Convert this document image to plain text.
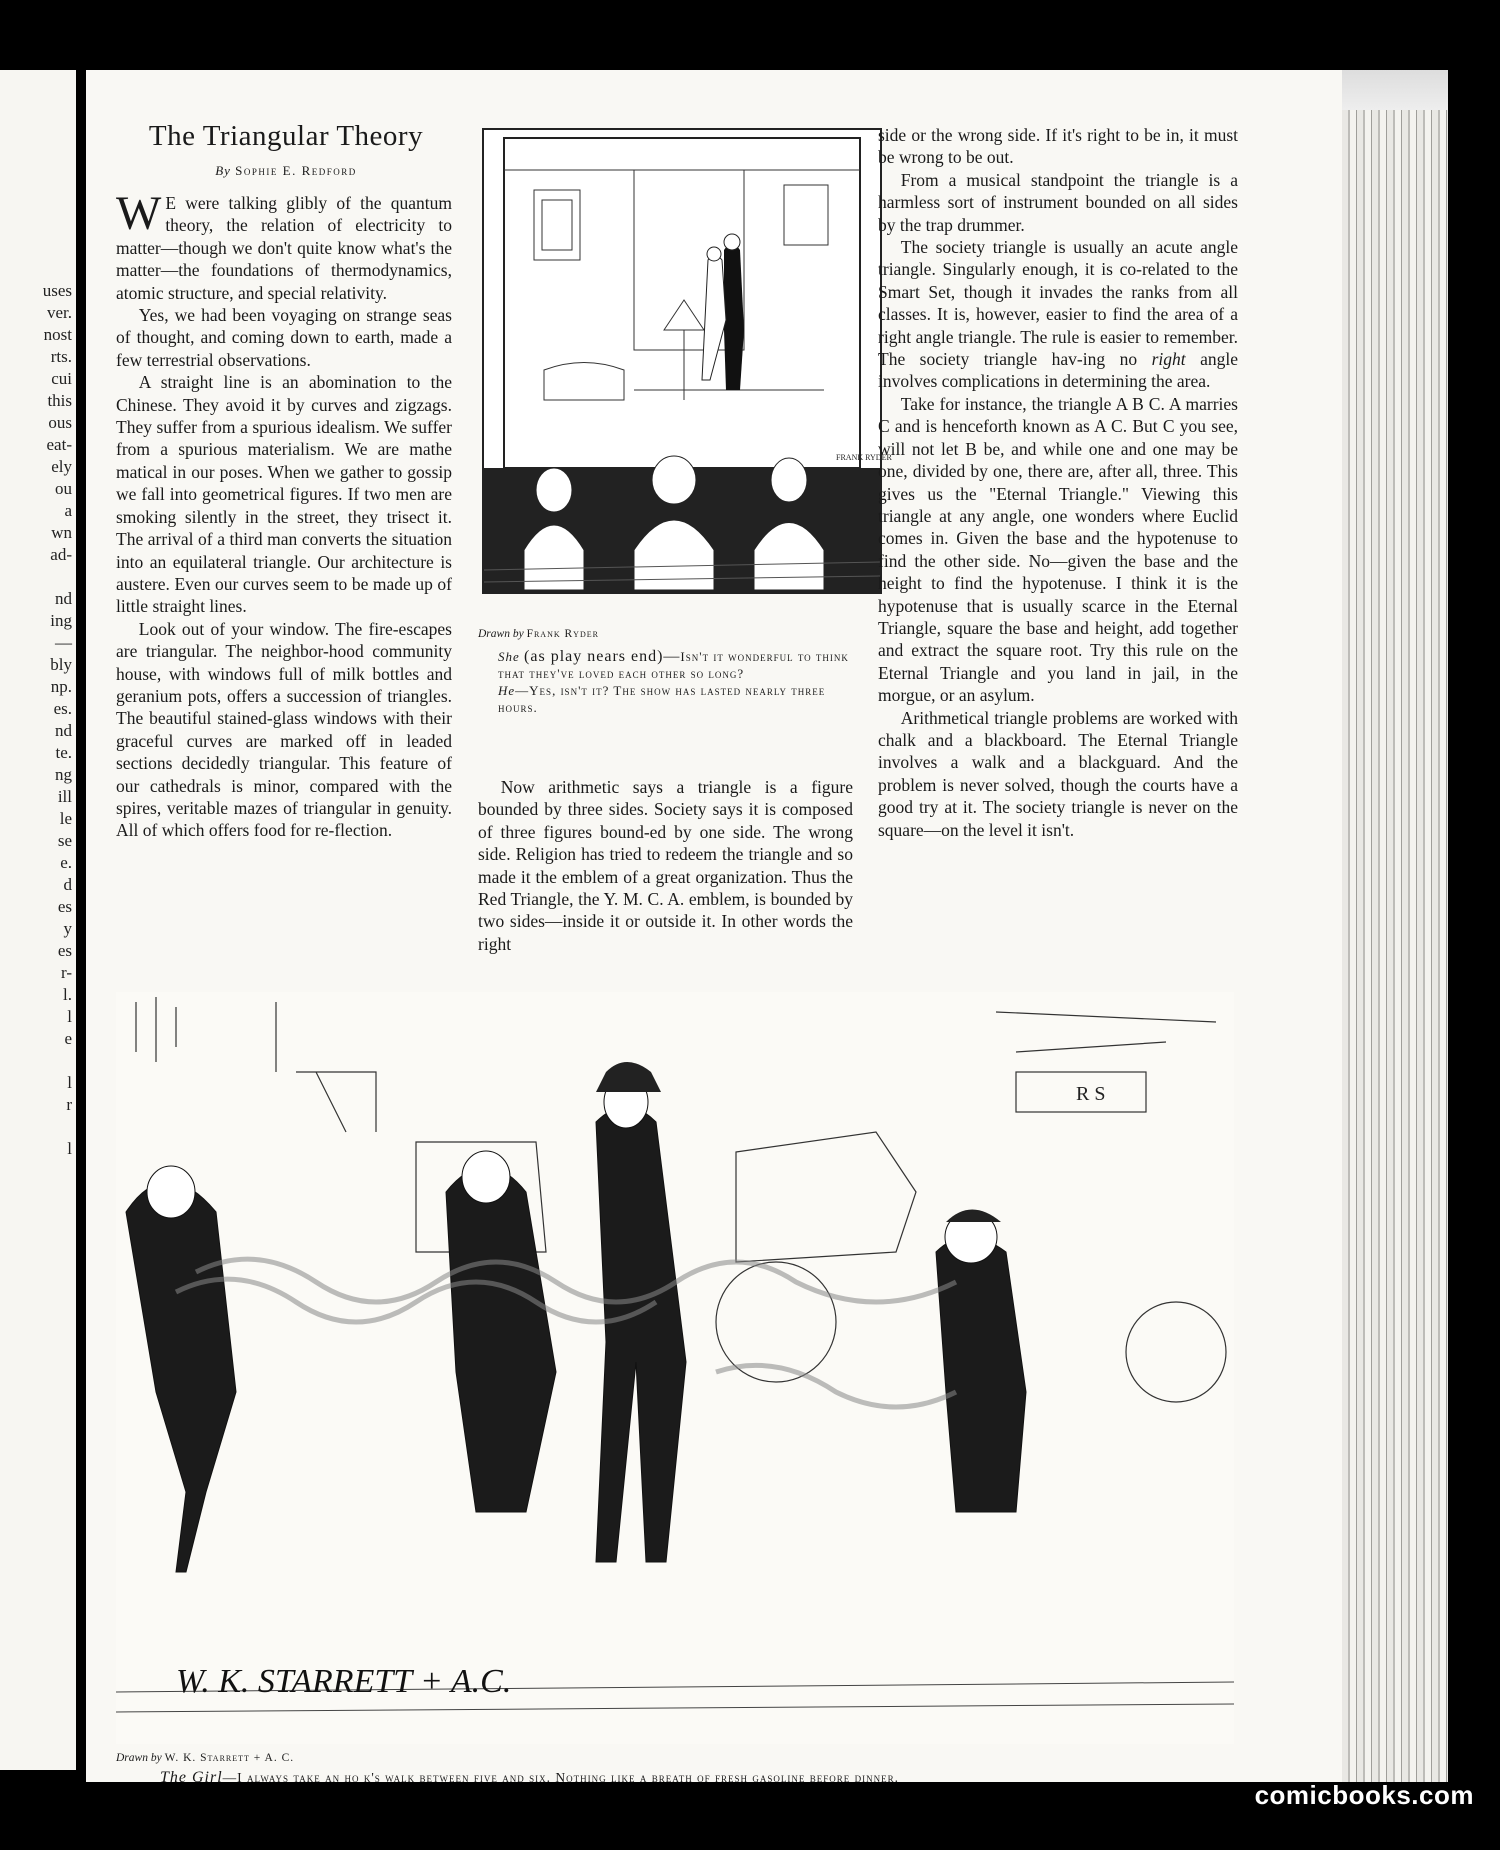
uses
ver.
nost
rts.
cui
this
ous
eat-
ely
ou
a
wn
ad-
nd
ing
—
bly
np.
es.
nd
te.
ng
ill
le
se
e.
d
es
y
es
r-
l.
l
e
l
r
l
The Triangular Theory
By Sophie E. Redford

W E were talking glibly of the quantum theory, the relation of electricity to matter—though we don't quite know what's the matter—the foundations of thermodynamics, atomic structure, and special relativity.

Yes, we had been voyaging on strange seas of thought, and coming down to earth, made a few terrestrial observations.

A straight line is an abomination to the Chinese. They avoid it by curves and zigzags. They suffer from a spurious idealism. We suffer from a spurious materialism. We are mathe matical in our poses. When we gather to gossip we fall into geometrical figures. If two men are smoking silently in the street, they trisect it. The arrival of a third man converts the situation into an equilateral triangle. Our architecture is austere. Even our curves seem to be made up of little straight lines.

Look out of your window. The fire-escapes are triangular. The neighbor-hood community house, with windows full of milk bottles and geranium pots, offers a succession of triangles. The beautiful stained-glass windows with their graceful curves are marked off in leaded sections decidedly triangular. This feature of our cathedrals is minor, compared with the spires, veritable mazes of triangular in genuity. All of which offers food for re-flection.

FRANK RYDER
Drawn by Frank Ryder
She (as play nears end)—Isn't it wonderful to think that they've loved each other so long?
He—Yes, isn't it? The show has lasted nearly three hours.

Now arithmetic says a triangle is a figure bounded by three sides. Society says it is composed of three figures bound-ed by one side. The wrong side. Religion has tried to redeem the triangle and so made it the emblem of a great organization. Thus the Red Triangle, the Y. M. C. A. emblem, is bounded by two sides—inside it or outside it. In other words the right

side or the wrong side. If it's right to be in, it must be wrong to be out.

From a musical standpoint the triangle is a harmless sort of instrument bounded on all sides by the trap drummer.

The society triangle is usually an acute angle triangle. Singularly enough, it is co-related to the Smart Set, though it invades the ranks from all classes. It is, however, easier to find the area of a right angle triangle. The rule is easier to remember. The society triangle hav-ing no right angle involves complications in determining the area.

Take for instance, the triangle A B C. A marries C and is henceforth known as A C. But C you see, will not let B be, and while one and one may be one, divided by one, there are, after all, three. This gives us the "Eternal Triangle." Viewing this triangle at any angle, one wonders where Euclid comes in. Given the base and the hypotenuse to find the other side. No—given the base and the height to find the hypotenuse. I think it is the hypotenuse that is usually scarce in the Eternal Triangle, square the base and height, add together and extract the square root. Try this rule on the Eternal Triangle and you land in jail, in the morgue, or an asylum.

Arithmetical triangle problems are worked with chalk and a blackboard. The Eternal Triangle involves a walk and a blackguard. And the problem is never solved, though the courts have a good try at it. The society triangle is never on the square—on the level it isn't.

R S
W. K. STARRETT + A.C.
Drawn by W. K. Starrett + A. C.
The Girl—I always take an ho k's walk between five and six. Nothing like a breath of fresh gasoline before dinner.
comicbooks.com
